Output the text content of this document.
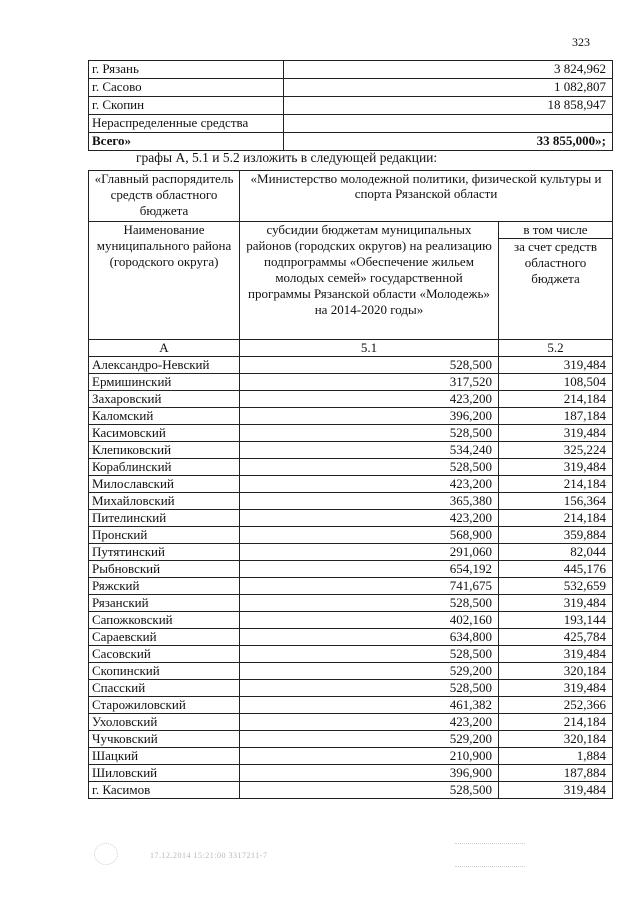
323
г. Рязань	3 824,962
г. Сасово	1 082,807
г. Скопин	18 858,947
Нераспределенные средства	
Всего»	33 855,000»;
графы А, 5.1 и 5.2 изложить в следующей редакции:
«Главный распорядитель средств областного бюджета	«Министерство молодежной политики, физической культуры и спорта Рязанской области	
Наименование муниципального района (городского округа)	субсидии бюджетам муниципальных районов (городских округов) на реализацию подпрограммы «Обеспечение жильем молодых семей» государственной программы Рязанской области «Молодежь» на 2014-2020 годы»	в том числе
		за счет средств областного бюджета
А	5.1	5.2
Александро-Невский	528,500	319,484
Ермишинский	317,520	108,504
Захаровский	423,200	214,184
Каломский	396,200	187,184
Касимовский	528,500	319,484
Клепиковский	534,240	325,224
Кораблинский	528,500	319,484
Милославский	423,200	214,184
Михайловский	365,380	156,364
Пителинский	423,200	214,184
Пронский	568,900	359,884
Путятинский	291,060	82,044
Рыбновский	654,192	445,176
Ряжский	741,675	532,659
Рязанский	528,500	319,484
Сапожковский	402,160	193,144
Сараевский	634,800	425,784
Сасовский	528,500	319,484
Скопинский	529,200	320,184
Спасский	528,500	319,484
Старожиловский	461,382	252,366
Ухоловский	423,200	214,184
Чучковский	529,200	320,184
Шацкий	210,900	1,884
Шиловский	396,900	187,884
г. Касимов	528,500	319,484
17.12.2014 15:21:00 3317211-7
